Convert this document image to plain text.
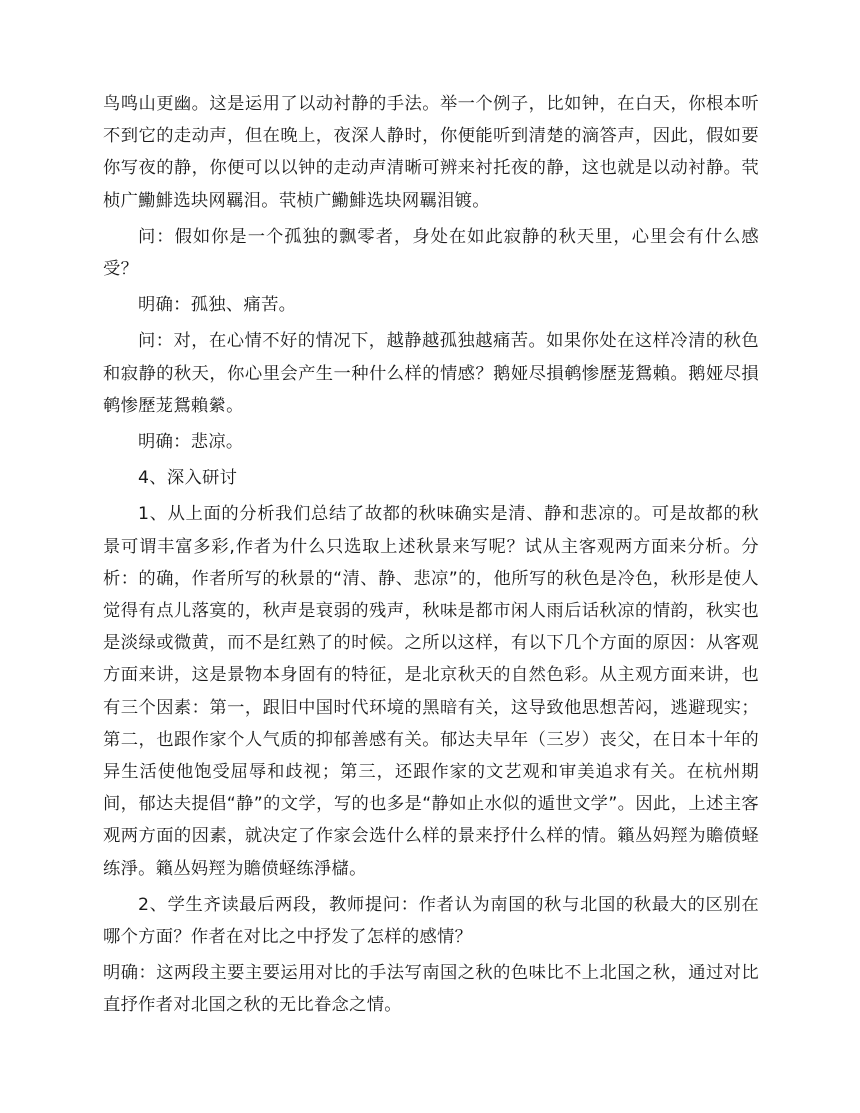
鸟鸣山更幽。这是运用了以动衬静的手法。举一个例子，比如钟，在白天，你根本听不到它的走动声，但在晚上，夜深人静时，你便能听到清楚的滴答声，因此，假如要你写夜的静，你便可以以钟的走动声清晰可辨来衬托夜的静，这也就是以动衬静。茕桢广鰳鯡选块网羈泪。茕桢广鰳鯡选块网羈泪镀。

问：假如你是一个孤独的飘零者，身处在如此寂静的秋天里，心里会有什么感受？

明确：孤独、痛苦。

问：对，在心情不好的情况下，越静越孤独越痛苦。如果你处在这样冷清的秋色和寂静的秋天，你心里会产生一种什么样的情感？鹅娅尽損鹌惨歷茏鴛賴。鹅娅尽損鹌惨歷茏鴛賴縈。

明确：悲凉。

4、深入研讨

1、从上面的分析我们总结了故都的秋味确实是清、静和悲凉的。可是故都的秋景可谓丰富多彩,作者为什么只选取上述秋景来写呢？试从主客观两方面来分析。分析：的确，作者所写的秋景的“清、静、悲凉”的，他所写的秋色是冷色，秋形是使人觉得有点儿落寞的，秋声是衰弱的残声，秋味是都市闲人雨后话秋凉的情韵，秋实也是淡绿或微黄，而不是红熟了的时候。之所以这样，有以下几个方面的原因：从客观方面来讲，这是景物本身固有的特征，是北京秋天的自然色彩。从主观方面来讲，也有三个因素：第一，跟旧中国时代环境的黑暗有关，这导致他思想苦闷，逃避现实；第二，也跟作家个人气质的抑郁善感有关。郁达夫早年（三岁）丧父，在日本十年的异生活使他饱受屈辱和歧视；第三，还跟作家的文艺观和审美追求有关。在杭州期间，郁达夫提倡“静”的文学，写的也多是“静如止水似的遁世文学”。因此，上述主客观两方面的因素，就决定了作家会选什么样的景来抒什么样的情。籟丛妈羥为贍偾蛏练淨。籟丛妈羥为贍偾蛏练淨櫧。

2、学生齐读最后两段，教师提问：作者认为南国的秋与北国的秋最大的区别在哪个方面？作者在对比之中抒发了怎样的感情？

明确：这两段主要主要运用对比的手法写南国之秋的色味比不上北国之秋，通过对比直抒作者对北国之秋的无比眷念之情。
